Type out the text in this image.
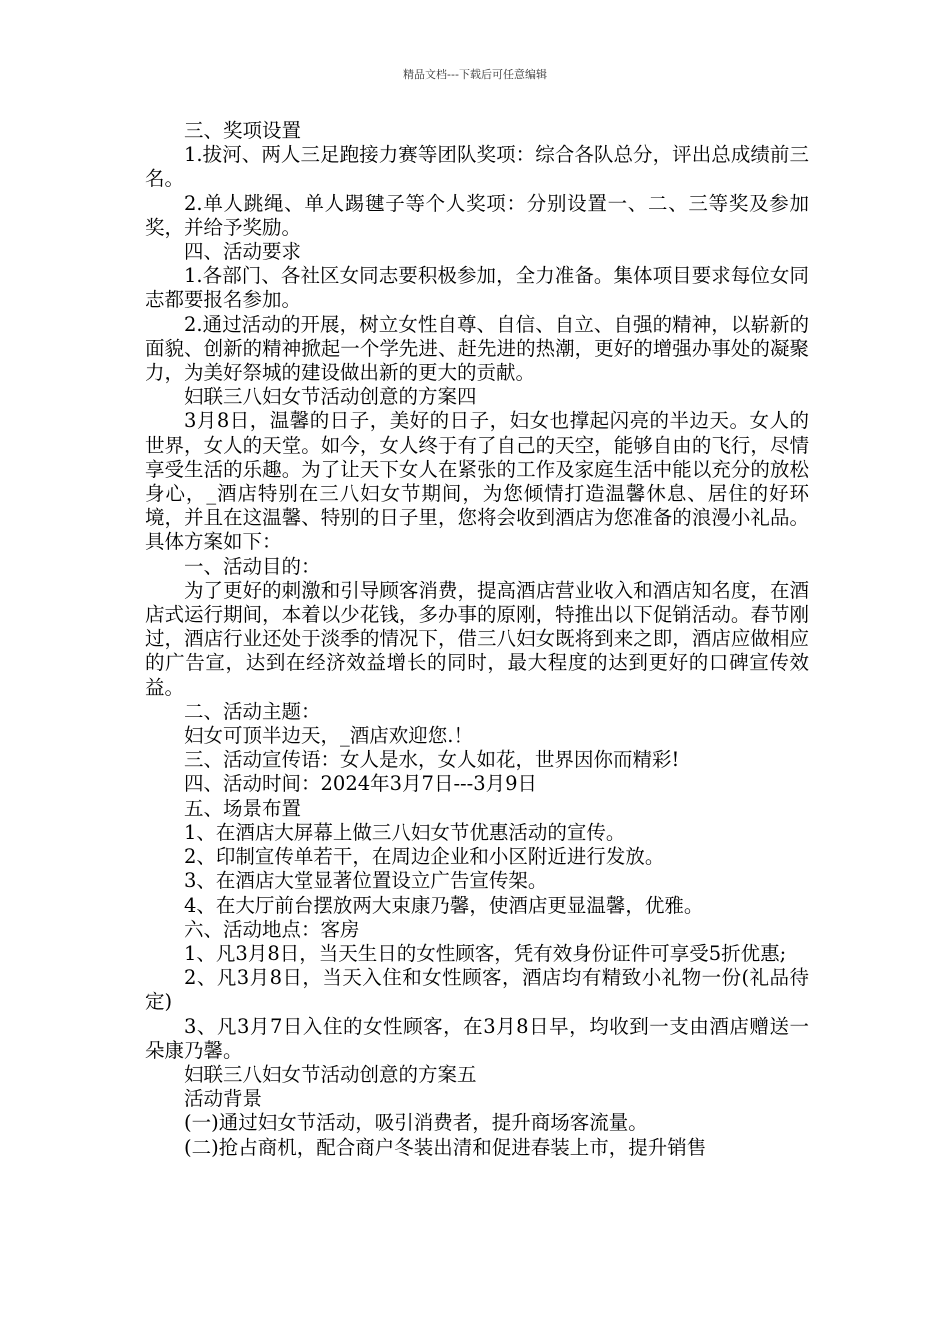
精品文档---下载后可任意编辑

三、奖项设置

1.拔河、两人三足跑接力赛等团队奖项：综合各队总分，评出总成绩前三名。

2.单人跳绳、单人踢毽子等个人奖项：分别设置一、二、三等奖及参加奖，并给予奖励。

四、活动要求

1.各部门、各社区女同志要积极参加，全力准备。集体项目要求每位女同志都要报名参加。

2.通过活动的开展，树立女性自尊、自信、自立、自强的精神，以崭新的面貌、创新的精神掀起一个学先进、赶先进的热潮，更好的增强办事处的凝聚力，为美好祭城的建设做出新的更大的贡献。

妇联三八妇女节活动创意的方案四

3月8日，温馨的日子，美好的日子，妇女也撑起闪亮的半边天。女人的世界，女人的天堂。如今，女人终于有了自己的天空，能够自由的飞行，尽情享受生活的乐趣。为了让天下女人在紧张的工作及家庭生活中能以充分的放松身心，_酒店特别在三八妇女节期间，为您倾情打造温馨休息、居住的好环境，并且在这温馨、特别的日子里，您将会收到酒店为您准备的浪漫小礼品。具体方案如下：

一、活动目的：

为了更好的刺激和引导顾客消费，提高酒店营业收入和酒店知名度，在酒店式运行期间，本着以少花钱，多办事的原刚，特推出以下促销活动。春节刚过，酒店行业还处于淡季的情况下，借三八妇女既将到来之即，酒店应做相应的广告宣，达到在经济效益增长的同时，最大程度的达到更好的口碑宣传效益。

二、活动主题：

妇女可顶半边天，_酒店欢迎您.！

三、活动宣传语：女人是水，女人如花，世界因你而精彩!

四、活动时间：2024年3月7日---3月9日

五、场景布置

1、在酒店大屏幕上做三八妇女节优惠活动的宣传。

2、印制宣传单若干，在周边企业和小区附近进行发放。

3、在酒店大堂显著位置设立广告宣传架。

4、在大厅前台摆放两大束康乃馨，使酒店更显温馨，优雅。

六、活动地点：客房

1、凡3月8日，当天生日的女性顾客，凭有效身份证件可享受5折优惠;

2、凡3月8日，当天入住和女性顾客，酒店均有精致小礼物一份(礼品待定)

3、凡3月7日入住的女性顾客，在3月8日早，均收到一支由酒店赠送一朵康乃馨。

妇联三八妇女节活动创意的方案五

活动背景

(一)通过妇女节活动，吸引消费者，提升商场客流量。

(二)抢占商机，配合商户冬装出清和促进春装上市，提升销售
